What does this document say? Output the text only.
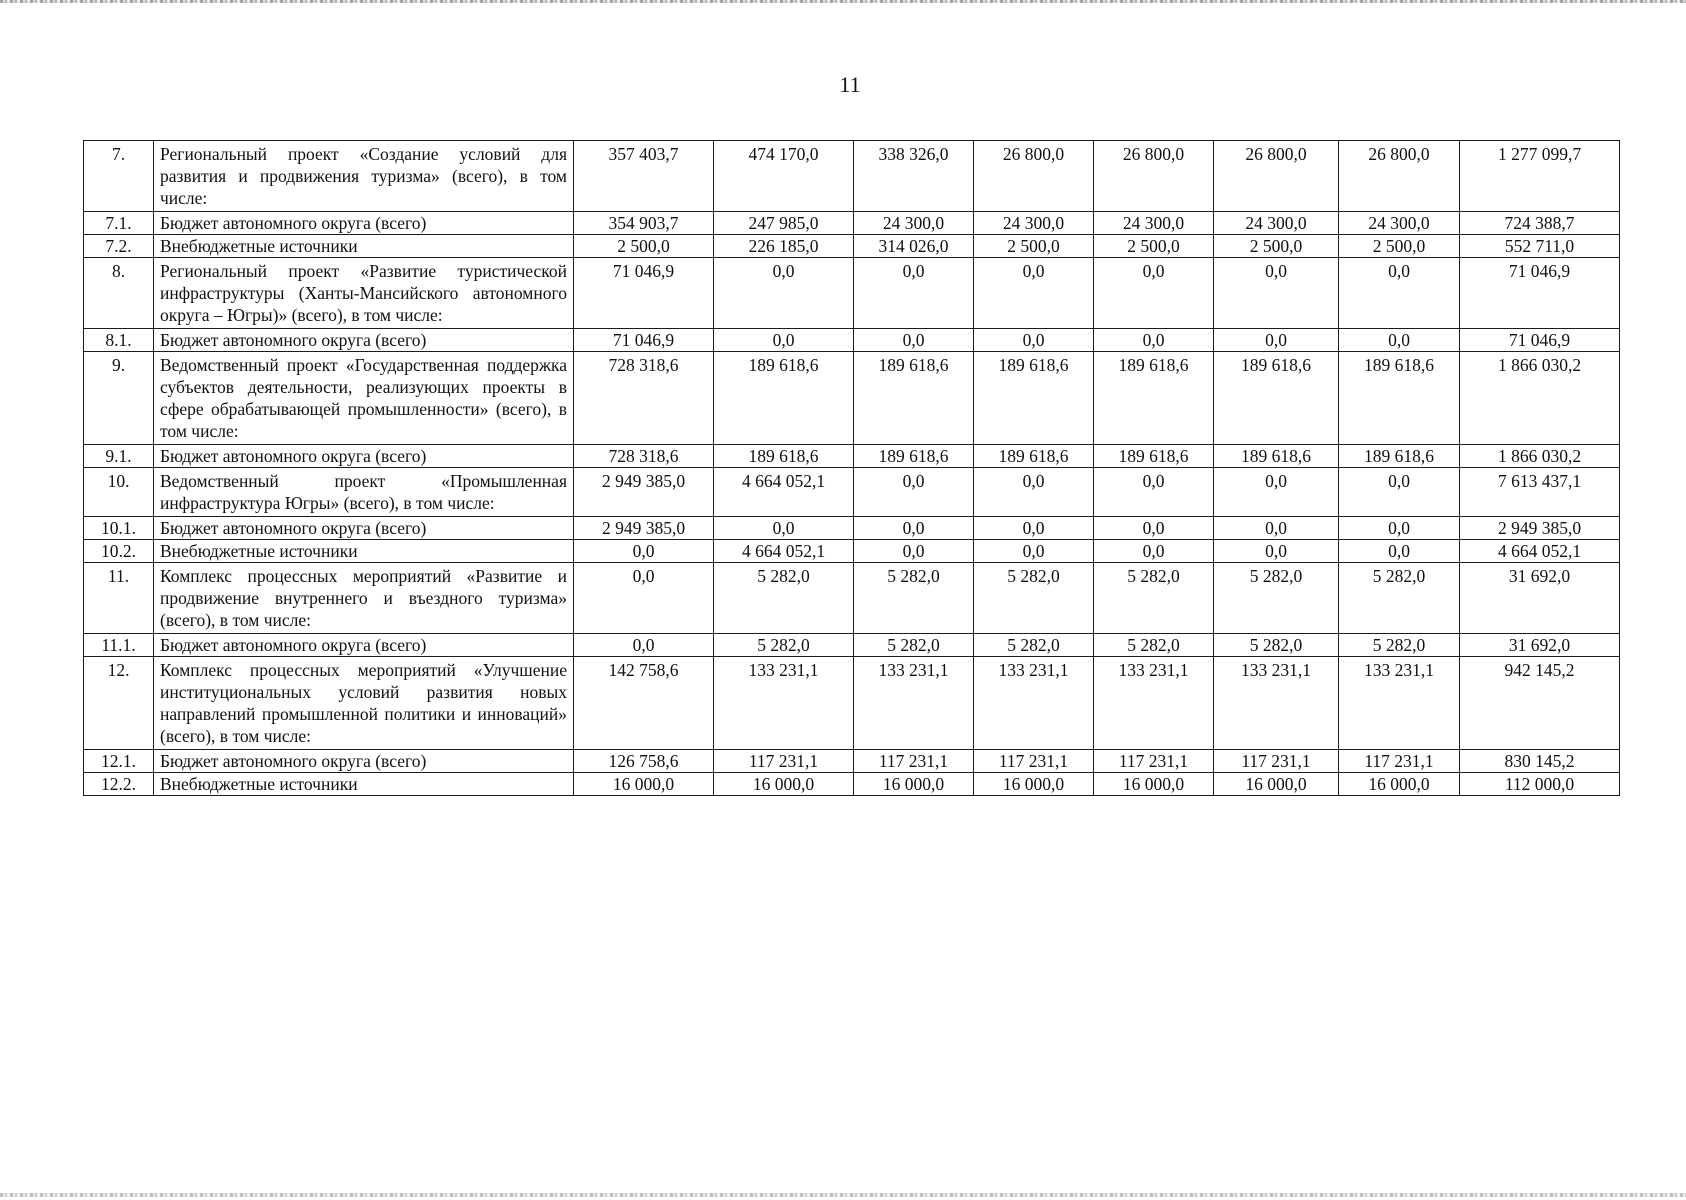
11
7.	Региональный проект «Создание условий для развития и продвижения туризма» (всего), в том числе:	357 403,7	474 170,0	338 326,0	26 800,0	26 800,0	26 800,0	26 800,0	1 277 099,7
7.1.	Бюджет автономного округа (всего)	354 903,7	247 985,0	24 300,0	24 300,0	24 300,0	24 300,0	24 300,0	724 388,7
7.2.	Внебюджетные источники	2 500,0	226 185,0	314 026,0	2 500,0	2 500,0	2 500,0	2 500,0	552 711,0
8.	Региональный проект «Развитие туристической инфраструктуры (Ханты-Мансийского автономного округа – Югры)» (всего), в том числе:	71 046,9	0,0	0,0	0,0	0,0	0,0	0,0	71 046,9
8.1.	Бюджет автономного округа (всего)	71 046,9	0,0	0,0	0,0	0,0	0,0	0,0	71 046,9
9.	Ведомственный проект «Государственная поддержка субъектов деятельности, реализующих проекты в сфере обрабатывающей промышленности» (всего), в том числе:	728 318,6	189 618,6	189 618,6	189 618,6	189 618,6	189 618,6	189 618,6	1 866 030,2
9.1.	Бюджет автономного округа (всего)	728 318,6	189 618,6	189 618,6	189 618,6	189 618,6	189 618,6	189 618,6	1 866 030,2
10.	Ведомственный проект «Промышленная инфраструктура Югры» (всего), в том числе:	2 949 385,0	4 664 052,1	0,0	0,0	0,0	0,0	0,0	7 613 437,1
10.1.	Бюджет автономного округа (всего)	2 949 385,0	0,0	0,0	0,0	0,0	0,0	0,0	2 949 385,0
10.2.	Внебюджетные источники	0,0	4 664 052,1	0,0	0,0	0,0	0,0	0,0	4 664 052,1
11.	Комплекс процессных мероприятий «Развитие и продвижение внутреннего и въездного туризма» (всего), в том числе:	0,0	5 282,0	5 282,0	5 282,0	5 282,0	5 282,0	5 282,0	31 692,0
11.1.	Бюджет автономного округа (всего)	0,0	5 282,0	5 282,0	5 282,0	5 282,0	5 282,0	5 282,0	31 692,0
12.	Комплекс процессных мероприятий «Улучшение институциональных условий развития новых направлений промышленной политики и инноваций» (всего), в том числе:	142 758,6	133 231,1	133 231,1	133 231,1	133 231,1	133 231,1	133 231,1	942 145,2
12.1.	Бюджет автономного округа (всего)	126 758,6	117 231,1	117 231,1	117 231,1	117 231,1	117 231,1	117 231,1	830 145,2
12.2.	Внебюджетные источники	16 000,0	16 000,0	16 000,0	16 000,0	16 000,0	16 000,0	16 000,0	112 000,0
